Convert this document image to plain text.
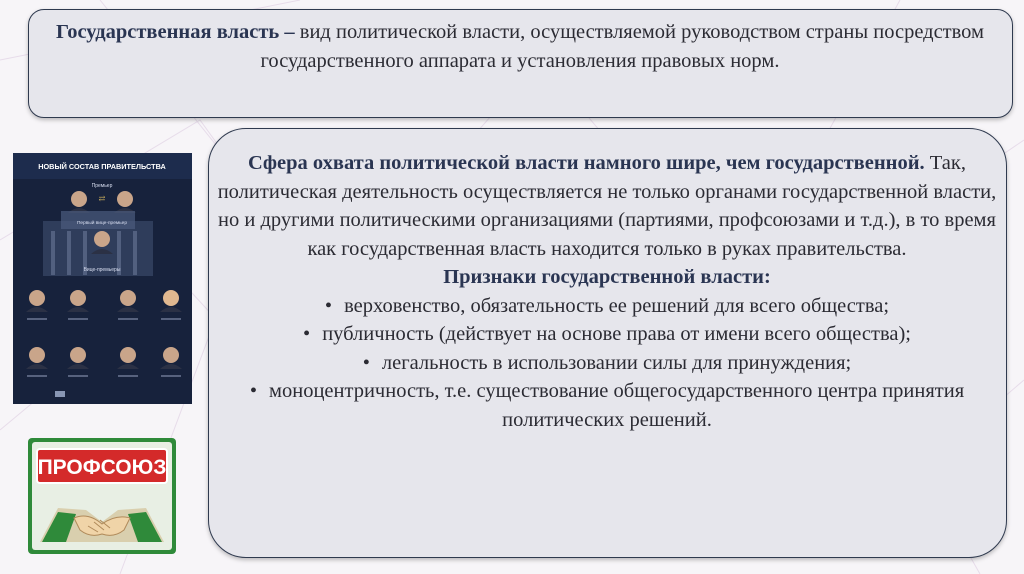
Государственная власть – вид политической власти, осуществляемой руководством страны посредством государственного аппарата и установления правовых норм.

Сфера охвата политической власти намного шире, чем государственной. Так, политическая деятельность осуществляется не только органами государственной власти, но и другими политическими организациями (партиями, профсоюзами и т.д.), в то время как государственная власть находится только в руках правительства.

Признаки государственной власти:

• верховенство, обязательность ее решений для всего общества;
• публичность (действует на основе права от имени всего общества);
• легальность в использовании силы для принуждения;
• моноцентричность, т.е. существование общегосударственного центра принятия политических решений.
НОВЫЙ СОСТАВ ПРАВИТЕЛЬСТВА
Премьер
⇄
Первый вице-премьер
Вице-премьеры
ПРОФСОЮЗ
